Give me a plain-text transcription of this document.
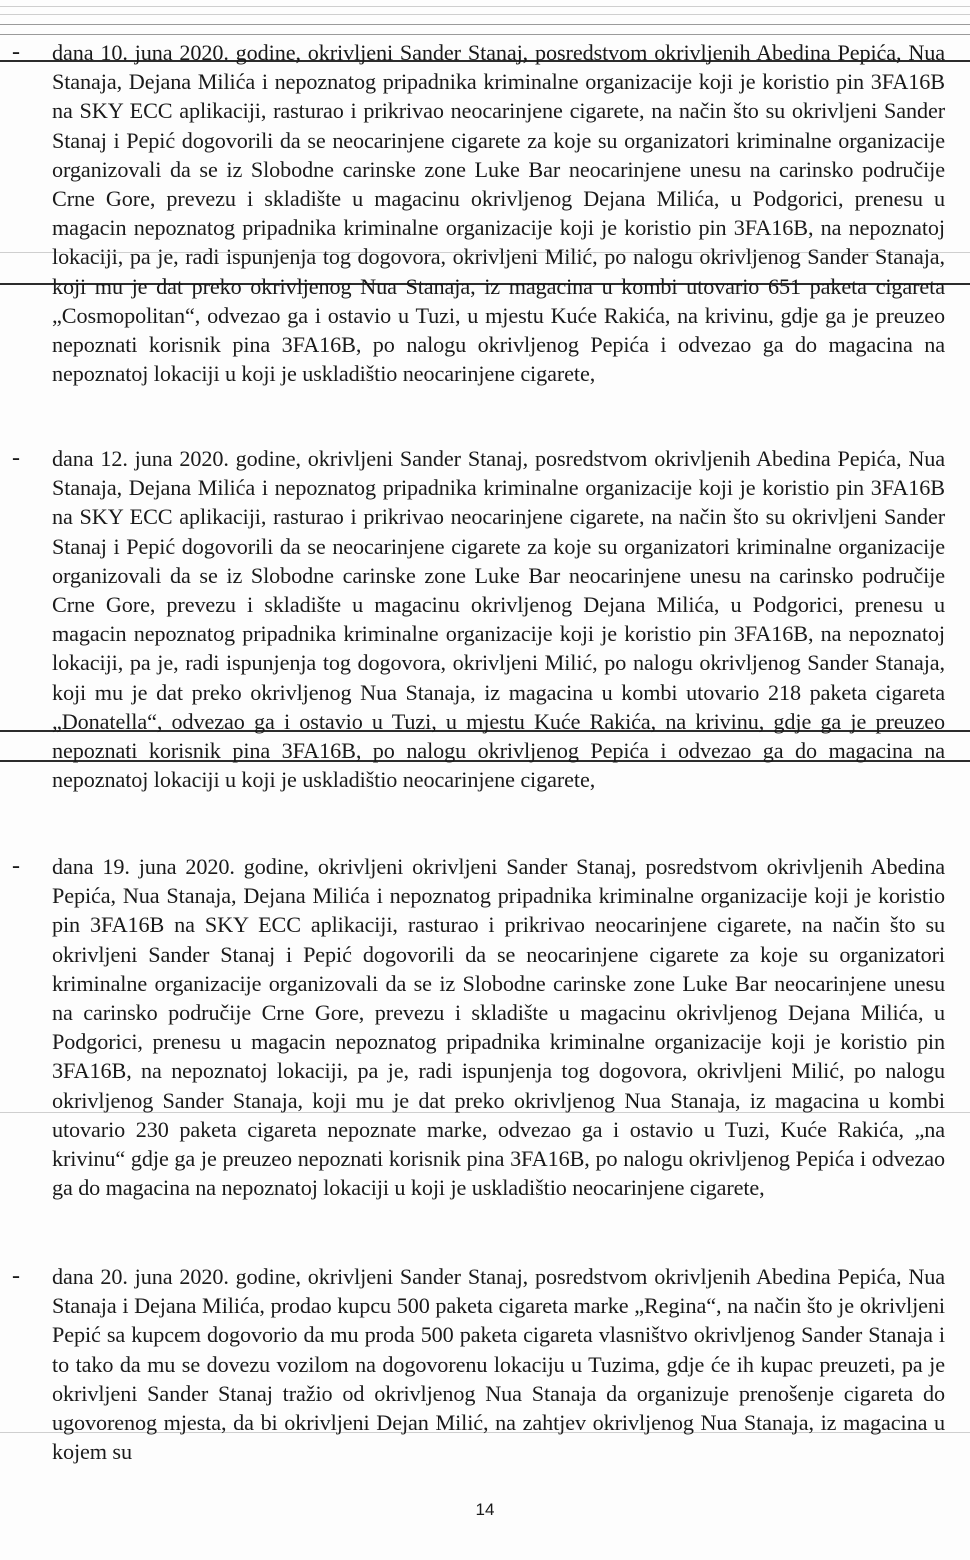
- dana 10. juna 2020. godine, okrivljeni Sander Stanaj, posredstvom okrivljenih Abedina Pepića, Nua Stanaja, Dejana Milića i nepoznatog pripadnika kriminalne organizacije koji je koristio pin 3FA16B na SKY ECC aplikaciji, rasturao i prikrivao neocarinjene cigarete, na način što su okrivljeni Sander Stanaj i Pepić dogovorili da se neocarinjene cigarete za koje su organizatori kriminalne organizacije organizovali da se iz Slobodne carinske zone Luke Bar neocarinjene unesu na carinsko područije Crne Gore, prevezu i skladište u magacinu okrivljenog Dejana Milića, u Podgorici, prenesu u magacin nepoznatog pripadnika kriminalne organizacije koji je koristio pin 3FA16B, na nepoznatoj lokaciji, pa je, radi ispunjenja tog dogovora, okrivljeni Milić, po nalogu okrivljenog Sander Stanaja, koji mu je dat preko okrivljenog Nua Stanaja, iz magacina u kombi utovario 651 paketa cigareta „Cosmopolitan“, odvezao ga i ostavio u Tuzi, u mjestu Kuće Rakića, na krivinu, gdje ga je preuzeo nepoznati korisnik pina 3FA16B, po nalogu okrivljenog Pepića i odvezao ga do magacina na nepoznatoj lokaciji u koji je uskladištio neocarinjene cigarete,

- dana 12. juna 2020. godine, okrivljeni Sander Stanaj, posredstvom okrivljenih Abedina Pepića, Nua Stanaja, Dejana Milića i nepoznatog pripadnika kriminalne organizacije koji je koristio pin 3FA16B na SKY ECC aplikaciji, rasturao i prikrivao neocarinjene cigarete, na način što su okrivljeni Sander Stanaj i Pepić dogovorili da se neocarinjene cigarete za koje su organizatori kriminalne organizacije organizovali da se iz Slobodne carinske zone Luke Bar neocarinjene unesu na carinsko područije Crne Gore, prevezu i skladište u magacinu okrivljenog Dejana Milića, u Podgorici, prenesu u magacin nepoznatog pripadnika kriminalne organizacije koji je koristio pin 3FA16B, na nepoznatoj lokaciji, pa je, radi ispunjenja tog dogovora, okrivljeni Milić, po nalogu okrivljenog Sander Stanaja, koji mu je dat preko okrivljenog Nua Stanaja, iz magacina u kombi utovario 218 paketa cigareta „Donatella“, odvezao ga i ostavio u Tuzi, u mjestu Kuće Rakića, na krivinu, gdje ga je preuzeo nepoznati korisnik pina 3FA16B, po nalogu okrivljenog Pepića i odvezao ga do magacina na nepoznatoj lokaciji u koji je uskladištio neocarinjene cigarete,

- dana 19. juna 2020. godine, okrivljeni okrivljeni Sander Stanaj, posredstvom okrivljenih Abedina Pepića, Nua Stanaja, Dejana Milića i nepoznatog pripadnika kriminalne organizacije koji je koristio pin 3FA16B na SKY ECC aplikaciji, rasturao i prikrivao neocarinjene cigarete, na način što su okrivljeni Sander Stanaj i Pepić dogovorili da se neocarinjene cigarete za koje su organizatori kriminalne organizacije organizovali da se iz Slobodne carinske zone Luke Bar neocarinjene unesu na carinsko područije Crne Gore, prevezu i skladište u magacinu okrivljenog Dejana Milića, u Podgorici, prenesu u magacin nepoznatog pripadnika kriminalne organizacije koji je koristio pin 3FA16B, na nepoznatoj lokaciji, pa je, radi ispunjenja tog dogovora, okrivljeni Milić, po nalogu okrivljenog Sander Stanaja, koji mu je dat preko okrivljenog Nua Stanaja, iz magacina u kombi utovario 230 paketa cigareta nepoznate marke, odvezao ga i ostavio u Tuzi, Kuće Rakića, „na krivinu“ gdje ga je preuzeo nepoznati korisnik pina 3FA16B, po nalogu okrivljenog Pepića i odvezao ga do magacina na nepoznatoj lokaciji u koji je uskladištio neocarinjene cigarete,

- dana 20. juna 2020. godine, okrivljeni Sander Stanaj, posredstvom okrivljenih Abedina Pepića, Nua Stanaja i Dejana Milića, prodao kupcu 500 paketa cigareta marke „Regina“, na način što je okrivljeni Pepić sa kupcem dogovorio da mu proda 500 paketa cigareta vlasništvo okrivljenog Sander Stanaja i to tako da mu se dovezu vozilom na dogovorenu lokaciju u Tuzima, gdje će ih kupac preuzeti, pa je okrivljeni Sander Stanaj tražio od okrivljenog Nua Stanaja da organizuje prenošenje cigareta do ugovorenog mjesta, da bi okrivljeni Dejan Milić, na zahtjev okrivljenog Nua Stanaja, iz magacina u kojem su

14
